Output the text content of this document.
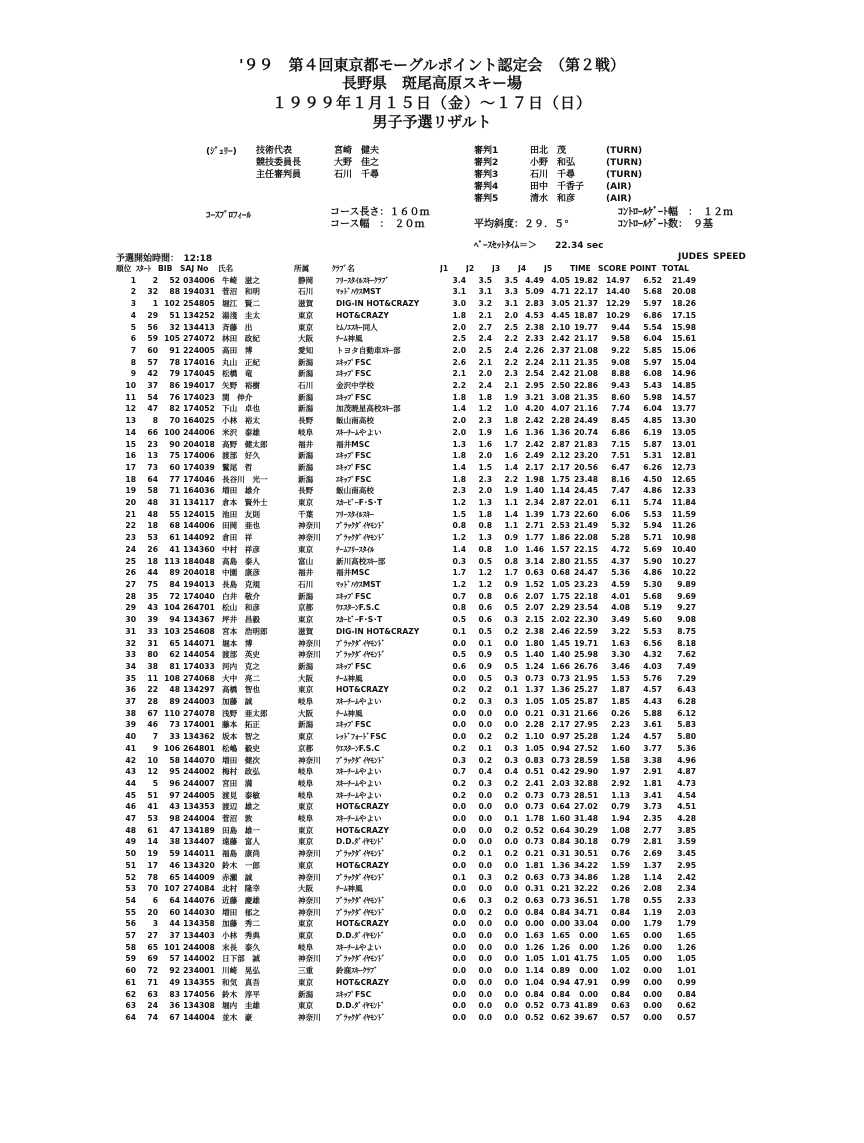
'９９　第４回東京都モーグルポイント認定会　（第２戦）
長野県　斑尾高原スキー場
１９９９年１月１５日（金）～１７日（日）
男子予選リザルト
(ｼﾞｭﾘｰ) 技術代表	宮崎　健夫
競技委員長	大野　佳之
主任審判員	石川　千尋
審判1	田北　茂	(TURN)
審判2	小野　和弘	(TURN)
審判3	石川　千尋	(TURN)
審判4	田中　千香子 (AIR)
審判5	清水　和彦	(AIR)
ｺｰｽﾌﾟﾛﾌｨｰﾙ	コース長さ：１６０ｍ
コース幅　：　２０ｍ	平均斜度：２９．５°
ｺﾝﾄﾛｰﾙｹﾞｰﾄ幅　：　１２ｍ
ｺﾝﾄﾛｰﾙｹﾞｰﾄ数：　９基
ﾍﾞｰｽｾｯﾄﾀｲﾑ＝＞　　22.34 sec
予選開始時間：　12:18	JUDES SPEED
順位	ｽﾀｰﾄ	BIB	SAJ No	氏名	所属	ｸﾗﾌﾞ名	J1	J2	J3	J4	J5	TIME	SCORE	POINT	TOTAL
1	2	52	034006	牛崎　滋之	静岡	ﾌﾘｰｽﾀｲﾙｽｷｰｸﾗﾌﾞ	3.4	3.5	3.5	4.49	4.05	19.82	14.97	6.52	21.49
2	32	88	194031	菅沼　和明	石川	ﾏｯﾄﾞﾊｳｽMST	3.1	3.1	3.3	5.09	4.71	22.17	14.40	5.68	20.08
3	1	102	254805	堀江　賢二	滋賀	DIG-IN HOT&CRAZY	3.0	3.2	3.1	2.83	3.05	21.37	12.29	5.97	18.26
4	29	51	134252	湯淺　圭太	東京	HOT&CRAZY	1.8	2.1	2.0	4.53	4.45	18.87	10.29	6.86	17.15
5	56	32	134413	斉藤　出	東京	ﾋﾑﾉｴｽｷｰ同人	2.0	2.7	2.5	2.38	2.10	19.77	9.44	5.54	15.98
6	59	105	274072	林田　政紀	大阪	ﾁｰﾑ神風	2.5	2.4	2.2	2.33	2.42	21.17	9.58	6.04	15.61
7	60	91	224005	高田　博	愛知	トヨタ自動車ｽｷｰ部	2.0	2.5	2.4	2.26	2.37	21.08	9.22	5.85	15.06
8	57	78	174016	丸山　正紀	新潟	ｴｷｯﾌﾟFSC	2.6	2.1	2.2	2.24	2.11	21.35	9.08	5.97	15.04
9	42	79	174045	松橋　竜	新潟	ｴｷｯﾌﾟFSC	2.1	2.0	2.3	2.54	2.42	21.08	8.88	6.08	14.96
10	37	86	194017	矢野　裕樹	石川	金沢中学校	2.2	2.4	2.1	2.95	2.50	22.86	9.43	5.43	14.85
11	54	76	174023	関　伸介	新潟	ｴｷｯﾌﾟFSC	1.8	1.8	1.9	3.21	3.08	21.35	8.60	5.98	14.57
12	47	82	174052	下山　卓也	新潟	加茂暁星高校ｽｷｰ部	1.4	1.2	1.0	4.20	4.07	21.16	7.74	6.04	13.77
13	8	70	164025	小林　裕太	長野	飯山南高校	2.0	2.3	1.8	2.42	2.28	24.49	8.45	4.85	13.30
14	66	100	244006	米沢　泰雄	岐阜	ｽｷｰﾁｰﾑやよい	2.0	1.9	1.6	1.36	1.36	20.74	6.86	6.19	13.05
15	23	90	204018	高野　健太郎	福井	福井MSC	1.3	1.6	1.7	2.42	2.87	21.83	7.15	5.87	13.01
16	13	75	174006	渡部　好久	新潟	ｴｷｯﾌﾟFSC	1.8	2.0	1.6	2.49	2.12	23.20	7.51	5.31	12.81
17	73	60	174039	鷲尾　哲	新潟	ｴｷｯﾌﾟFSC	1.4	1.5	1.4	2.17	2.17	20.56	6.47	6.26	12.73
18	64	77	174046	長谷川　光一	新潟	ｴｷｯﾌﾟFSC	1.8	2.3	2.2	1.98	1.75	23.48	8.16	4.50	12.65
19	58	71	164036	増田　雄介	長野	飯山南高校	2.3	2.0	1.9	1.40	1.14	24.45	7.47	4.86	12.33
20	48	31	134117	倉本　賢外士	東京	ｽｶｰﾋﾞｰF･S･T	1.2	1.3	1.1	2.34	2.87	22.01	6.11	5.74	11.84
21	48	55	124015	池田　友則	千葉	ﾌﾘｰｽﾀｲﾙｽｷｰ	1.5	1.8	1.4	1.39	1.73	22.60	6.06	5.53	11.59
22	18	68	144006	田岡　亜也	神奈川	ﾌﾞﾗｯｸﾀﾞｲﾔﾓﾝﾄﾞ	0.8	0.8	1.1	2.71	2.53	21.49	5.32	5.94	11.26
23	53	61	144092	倉田　祥	神奈川	ﾌﾞﾗｯｸﾀﾞｲﾔﾓﾝﾄﾞ	1.2	1.3	0.9	1.77	1.86	22.08	5.28	5.71	10.98
24	26	41	134360	中村　祥彦	東京	ﾁｰﾑﾌﾘｰｽﾀｲﾙ	1.4	0.8	1.0	1.46	1.57	22.15	4.72	5.69	10.40
25	18	113	184048	高島　泰人	富山	新川高校ｽｷｰ部	0.3	0.5	0.8	3.14	2.80	21.55	4.37	5.90	10.27
26	44	89	204018	中園　康彦	福井	福井MSC	1.7	1.2	1.7	0.63	0.68	24.47	5.36	4.86	10.22
27	75	84	194013	長島　克規	石川	ﾏｯﾄﾞﾊｳｽMST	1.2	1.2	0.9	1.52	1.05	23.23	4.59	5.30	9.89
28	35	72	174040	白井　敬介	新潟	ｴｷｯﾌﾟFSC	0.7	0.8	0.6	2.07	1.75	22.18	4.01	5.68	9.69
29	43	104	264701	松山　和彦	京都	ｳｴｽﾀｰﾝF.S.C	0.8	0.6	0.5	2.07	2.29	23.54	4.08	5.19	9.27
30	39	94	134367	坪井　昌毅	東京	ｽｶｰﾋﾞｰF･S･T	0.5	0.6	0.3	2.15	2.02	22.30	3.49	5.60	9.08
31	33	103	254608	宮本　浩明郎	滋賀	DIG-IN HOT&CRAZY	0.1	0.5	0.2	2.38	2.46	22.59	3.22	5.53	8.75
32	31	65	144071	堀本　博	神奈川	ﾌﾞﾗｯｸﾀﾞｲﾔﾓﾝﾄﾞ	0.0	0.1	0.0	1.80	1.45	19.71	1.63	6.56	8.18
33	80	62	144054	渡部　英史	神奈川	ﾌﾞﾗｯｸﾀﾞｲﾔﾓﾝﾄﾞ	0.5	0.9	0.5	1.40	1.40	25.98	3.30	4.32	7.62
34	38	81	174033	河内　克之	新潟	ｴｷｯﾌﾟFSC	0.6	0.9	0.5	1.24	1.66	26.76	3.46	4.03	7.49
35	11	108	274068	大中　亮二	大阪	ﾁｰﾑ神風	0.0	0.5	0.3	0.73	0.73	21.95	1.53	5.76	7.29
36	22	48	134297	高橋　智也	東京	HOT&CRAZY	0.2	0.2	0.1	1.37	1.36	25.27	1.87	4.57	6.43
37	28	89	244003	加藤　誠	岐阜	ｽｷｰﾁｰﾑやよい	0.2	0.3	0.3	1.05	1.05	25.87	1.85	4.43	6.28
38	67	110	274078	浅野　亜太郎	大阪	ﾁｰﾑ神風	0.0	0.0	0.0	0.21	0.31	21.66	0.26	5.88	6.12
39	46	73	174001	藤本　拓正	新潟	ｴｷｯﾌﾟFSC	0.0	0.0	0.0	2.28	2.17	27.95	2.23	3.61	5.83
40	7	33	134362	坂本　智之	東京	ﾚｯﾄﾞﾌｫｰﾄﾞFSC	0.0	0.2	0.2	1.10	0.97	25.28	1.24	4.57	5.80
41	9	106	264801	松嶋　毅史	京都	ｳｴｽﾀｰﾝF.S.C	0.2	0.1	0.3	1.05	0.94	27.52	1.60	3.77	5.36
42	10	58	144070	増田　健次	神奈川	ﾌﾞﾗｯｸﾀﾞｲﾔﾓﾝﾄﾞ	0.3	0.2	0.3	0.83	0.73	28.59	1.58	3.38	4.96
43	12	95	244002	梅村　政弘	岐阜	ｽｷｰﾁｰﾑやよい	0.7	0.4	0.4	0.51	0.42	29.90	1.97	2.91	4.87
44	5	96	244007	宮田　満	岐阜	ｽｷｰﾁｰﾑやよい	0.2	0.3	0.2	2.41	2.03	32.88	2.92	1.81	4.73
45	51	97	244005	渡見　泰敏	岐阜	ｽｷｰﾁｰﾑやよい	0.2	0.0	0.2	0.73	0.73	28.51	1.13	3.41	4.54
46	41	43	134353	渡辺　雄之	東京	HOT&CRAZY	0.0	0.0	0.0	0.73	0.64	27.02	0.79	3.73	4.51
47	53	98	244004	菅沼　敦	岐阜	ｽｷｰﾁｰﾑやよい	0.0	0.0	0.1	1.78	1.60	31.48	1.94	2.35	4.28
48	61	47	134189	田島　雄一	東京	HOT&CRAZY	0.0	0.0	0.2	0.52	0.64	30.29	1.08	2.77	3.85
49	14	38	134407	遠藤　富人	東京	D.D.ﾀﾞｲﾔﾓﾝﾄﾞ	0.0	0.0	0.0	0.73	0.84	30.18	0.79	2.81	3.59
50	19	59	144011	福島　康尚	神奈川	ﾌﾞﾗｯｸﾀﾞｲﾔﾓﾝﾄﾞ	0.2	0.1	0.2	0.21	0.31	30.51	0.76	2.69	3.45
51	17	46	134320	鈴木　一郎	東京	HOT&CRAZY	0.0	0.0	0.0	1.81	1.36	34.22	1.59	1.37	2.95
52	78	65	144009	赤瀬　誠	神奈川	ﾌﾞﾗｯｸﾀﾞｲﾔﾓﾝﾄﾞ	0.1	0.3	0.2	0.63	0.73	34.86	1.28	1.14	2.42
53	70	107	274084	北村　隆幸	大阪	ﾁｰﾑ神風	0.0	0.0	0.0	0.31	0.21	32.22	0.26	2.08	2.34
54	6	64	144076	近藤　慶雄	神奈川	ﾌﾞﾗｯｸﾀﾞｲﾔﾓﾝﾄﾞ	0.6	0.3	0.2	0.63	0.73	36.51	1.78	0.55	2.33
55	20	60	144030	増田　郁之	神奈川	ﾌﾞﾗｯｸﾀﾞｲﾔﾓﾝﾄﾞ	0.0	0.2	0.0	0.84	0.84	34.71	0.84	1.19	2.03
56	3	44	134358	加藤　秀二	東京	HOT&CRAZY	0.0	0.0	0.0	0.00	0.00	33.04	0.00	1.79	1.79
57	27	37	134403	小林　秀典	東京	D.D.ﾀﾞｲﾔﾓﾝﾄﾞ	0.0	0.0	0.0	1.63	1.65	0.00	1.65	0.00	1.65
58	65	101	244008	末長　泰久	岐阜	ｽｷｰﾁｰﾑやよい	0.0	0.0	0.0	1.26	1.26	0.00	1.26	0.00	1.26
59	69	57	144002	日下部　誠	神奈川	ﾌﾞﾗｯｸﾀﾞｲﾔﾓﾝﾄﾞ	0.0	0.0	0.0	1.05	1.01	41.75	1.05	0.00	1.05
60	72	92	234001	川崎　晃弘	三重	鈴鹿ｽｷｰｸﾗﾌﾞ	0.0	0.0	0.0	1.14	0.89	0.00	1.02	0.00	1.01
61	71	49	134355	和気　真吾	東京	HOT&CRAZY	0.0	0.0	0.0	1.04	0.94	47.91	0.99	0.00	0.99
62	63	83	174056	鈴木　淳平	新潟	ｴｷｯﾌﾟFSC	0.0	0.0	0.0	0.84	0.84	0.00	0.84	0.00	0.84
63	24	36	134308	堀内　圭雄	東京	D.D.ﾀﾞｲﾔﾓﾝﾄﾞ	0.0	0.0	0.0	0.52	0.73	41.89	0.63	0.00	0.62
64	74	67	144004	並木　豪	神奈川	ﾌﾞﾗｯｸﾀﾞｲﾔﾓﾝﾄﾞ	0.0	0.0	0.0	0.52	0.62	39.67	0.57	0.00	0.57
